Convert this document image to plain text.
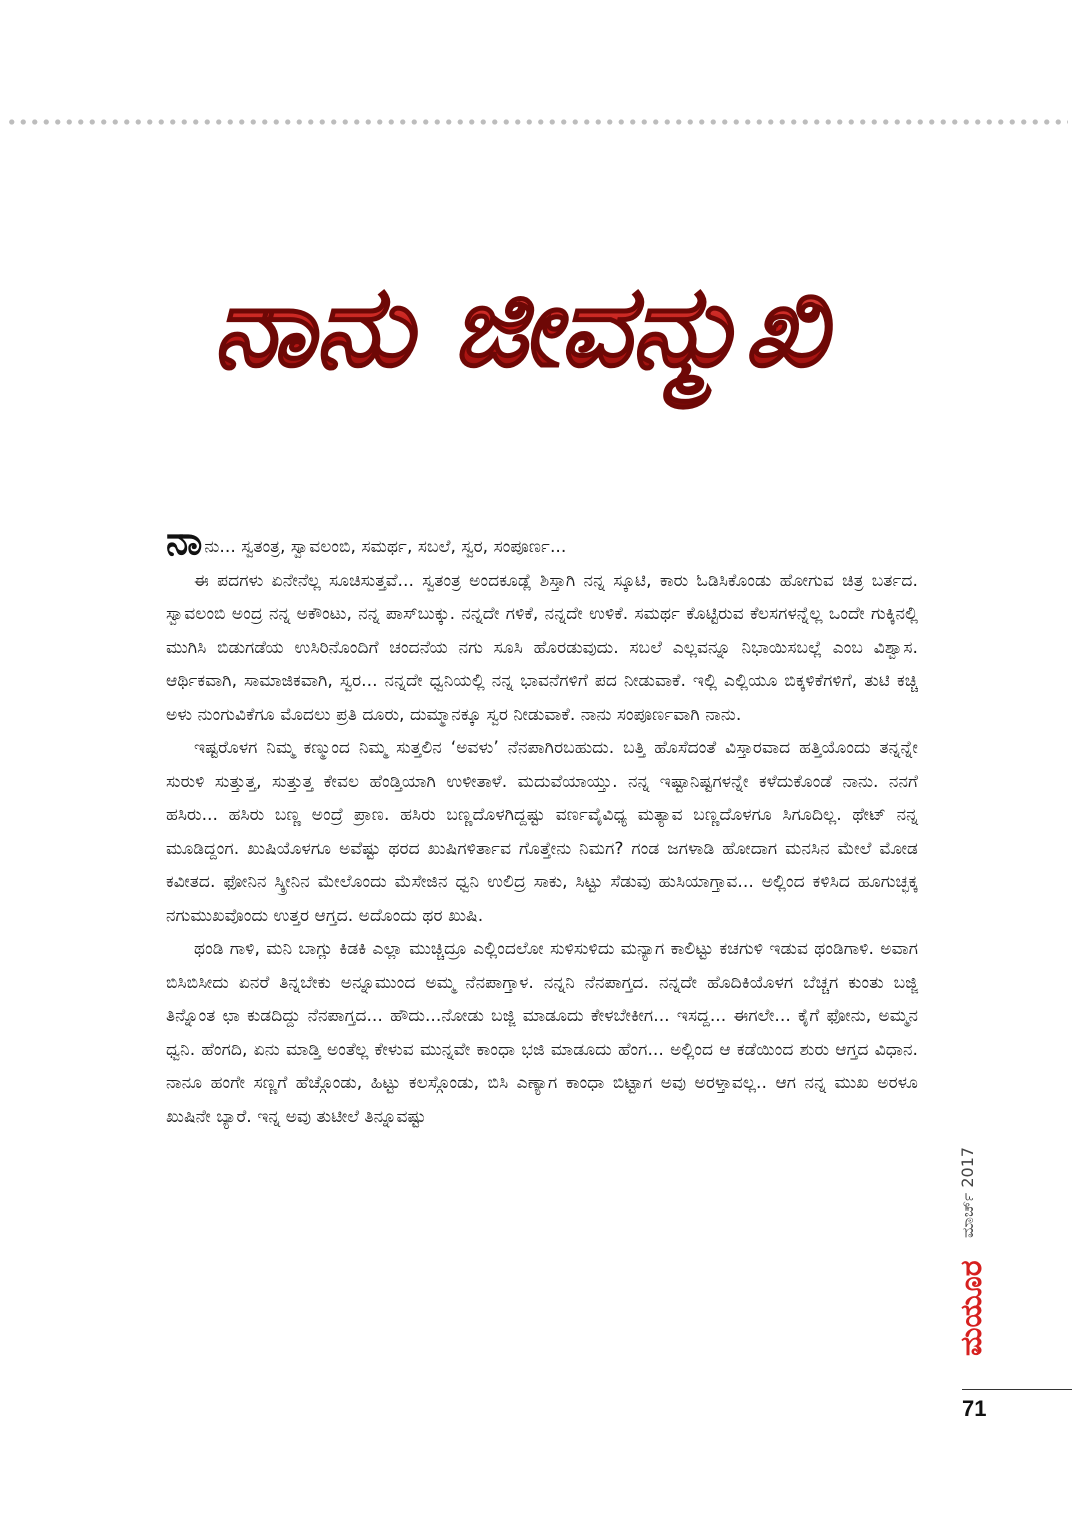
ನಾನು ಜೀವನ್ಮುಖಿ

ನಾನು... ಸ್ವತಂತ್ರ, ಸ್ವಾವಲಂಬಿ, ಸಮರ್ಥ, ಸಬಲೆ, ಸ್ವರ, ಸಂಪೂರ್ಣ...

ಈ ಪದಗಳು ಏನೇನೆಲ್ಲ ಸೂಚಿಸುತ್ತವೆ... ಸ್ವತಂತ್ರ ಅಂದಕೂಡ್ಲೆ ಶಿಸ್ತಾಗಿ ನನ್ನ ಸ್ಕೂಟಿ, ಕಾರು ಓಡಿಸಿಕೊಂಡು ಹೋಗುವ ಚಿತ್ರ ಬರ್ತದ. ಸ್ವಾವಲಂಬಿ ಅಂದ್ರ ನನ್ನ ಅಕೌಂಟು, ನನ್ನ ಪಾಸ್‌ಬುಕ್ಕು. ನನ್ನದೇ ಗಳಿಕೆ, ನನ್ನದೇ ಉಳಿಕೆ. ಸಮರ್ಥ ಕೊಟ್ಟಿರುವ ಕೆಲಸಗಳನ್ನೆಲ್ಲ ಒಂದೇ ಗುಕ್ಕಿನಲ್ಲಿ ಮುಗಿಸಿ ಬಿಡುಗಡೆಯ ಉಸಿರಿನೊಂದಿಗೆ ಚಂದನೆಯ ನಗು ಸೂಸಿ ಹೊರಡುವುದು. ಸಬಲೆ ಎಲ್ಲವನ್ನೂ ನಿಭಾಯಿಸಬಲ್ಲೆ ಎಂಬ ವಿಶ್ವಾಸ. ಆರ್ಥಿಕವಾಗಿ, ಸಾಮಾಜಿಕವಾಗಿ, ಸ್ವರ... ನನ್ನದೇ ಧ್ವನಿಯಲ್ಲಿ ನನ್ನ ಭಾವನೆಗಳಿಗೆ ಪದ ನೀಡುವಾಕೆ. ಇಲ್ಲಿ ಎಲ್ಲಿಯೂ ಬಿಕ್ಕಳಿಕೆಗಳಿಗೆ, ತುಟಿ ಕಚ್ಚಿ ಅಳು ನುಂಗುವಿಕೆಗೂ ಮೊದಲು ಪ್ರತಿ ದೂರು, ದುಮ್ಮಾನಕ್ಕೂ ಸ್ವರ ನೀಡುವಾಕೆ. ನಾನು ಸಂಪೂರ್ಣವಾಗಿ ನಾನು.

ಇಷ್ಟರೊಳಗ ನಿಮ್ಮ ಕಣ್ಮುಂದ ನಿಮ್ಮ ಸುತ್ತಲಿನ ‘ಅವಳು’ ನೆನಪಾಗಿರಬಹುದು. ಬತ್ತಿ ಹೊಸೆದಂತೆ ವಿಸ್ತಾರವಾದ ಹತ್ತಿಯೊಂದು ತನ್ನನ್ನೇ ಸುರುಳಿ ಸುತ್ತುತ್ತ, ಸುತ್ತುತ್ತ ಕೇವಲ ಹೆಂಡ್ತಿಯಾಗಿ ಉಳೀತಾಳೆ. ಮದುವೆಯಾಯ್ತು. ನನ್ನ ಇಷ್ಟಾನಿಷ್ಟಗಳನ್ನೇ ಕಳೆದುಕೊಂಡೆ ನಾನು. ನನಗೆ ಹಸಿರು... ಹಸಿರು ಬಣ್ಣ ಅಂದ್ರೆ ಪ್ರಾಣ. ಹಸಿರು ಬಣ್ಣದೊಳಗಿದ್ದಷ್ಟು ವರ್ಣವೈವಿಧ್ಯ ಮತ್ಯಾವ ಬಣ್ಣದೊಳಗೂ ಸಿಗೂದಿಲ್ಲ. ಥೇಟ್ ನನ್ನ ಮೂಡಿದ್ದಂಗ. ಖುಷಿಯೊಳಗೂ ಅವೆಷ್ಟು ಥರದ ಖುಷಿಗಳಿರ್ತಾವ ಗೊತ್ತೇನು ನಿಮಗ? ಗಂಡ ಜಗಳಾಡಿ ಹೋದಾಗ ಮನಸಿನ ಮೇಲೆ ಮೋಡ ಕವೀತದ. ಫೋನಿನ ಸ್ಕ್ರೀನಿನ ಮೇಲೊಂದು ಮೆಸೇಜಿನ ಧ್ವನಿ ಉಲಿದ್ರ ಸಾಕು, ಸಿಟ್ಟು ಸೆಡುವು ಹುಸಿಯಾಗ್ತಾವ... ಅಲ್ಲಿಂದ ಕಳಿಸಿದ ಹೂಗುಚ್ಛಕ್ಕ ನಗುಮುಖವೊಂದು ಉತ್ತರ ಆಗ್ತದ. ಅದೊಂದು ಥರ ಖುಷಿ.

ಥಂಡಿ ಗಾಳಿ, ಮನಿ ಬಾಗ್ಲು ಕಿಡಕಿ ಎಲ್ಲಾ ಮುಚ್ಚಿದ್ರೂ ಎಲ್ಲಿಂದಲೋ ಸುಳಿಸುಳಿದು ಮನ್ಯಾಗ ಕಾಲಿಟ್ಟು ಕಚಗುಳಿ ಇಡುವ ಥಂಡಿಗಾಳಿ. ಅವಾಗ ಬಿಸಿಬಿಸೀದು ಏನರೆ ತಿನ್ನಬೇಕು ಅನ್ನೂಮುಂದ ಅಮ್ಮ ನೆನಪಾಗ್ತಾಳ. ನನ್ನನಿ ನೆನಪಾಗ್ತದ. ನನ್ನದೇ ಹೊದಿಕಿಯೊಳಗ ಬೆಚ್ಚಗ ಕುಂತು ಬಜ್ಜಿ ತಿನ್ನೊಂತ ಛಾ ಕುಡದಿದ್ದು ನೆನಪಾಗ್ತದ... ಹೌದು...ನೋಡು ಬಜ್ಜಿ ಮಾಡೂದು ಕೇಳಬೇಕೀಗ... ಇಸದ್ದ... ಈಗಲೇ... ಕೈಗೆ ಫೋನು, ಅಮ್ಮನ ಧ್ವನಿ. ಹೆಂಗದಿ, ಏನು ಮಾಡ್ತಿ ಅಂತೆಲ್ಲ ಕೇಳುವ ಮುನ್ನವೇ ಕಾಂಧಾ ಭಜಿ ಮಾಡೂದು ಹೆಂಗ... ಅಲ್ಲಿಂದ ಆ ಕಡೆಯಿಂದ ಶುರು ಆಗ್ತದ ವಿಧಾನ. ನಾನೂ ಹಂಗೇ ಸಣ್ಣಗೆ ಹೆಚ್ಗೊಂಡು, ಹಿಟ್ಟು ಕಲಸ್ಗೊಂಡು, ಬಿಸಿ ಎಣ್ಯಾಗ ಕಾಂಧಾ ಬಿಟ್ಟಾಗ ಅವು ಅರಳ್ತಾವಲ್ಲ.. ಆಗ ನನ್ನ ಮುಖ ಅರಳೂ ಖುಷಿನೇ ಬ್ಯಾರೆ. ಇನ್ನ ಅವು ತುಟೀಲೆ ತಿನ್ನೂವಷ್ಟು

ಮಾರ್ಚ್ 2017
ಮಯೂರ
71
